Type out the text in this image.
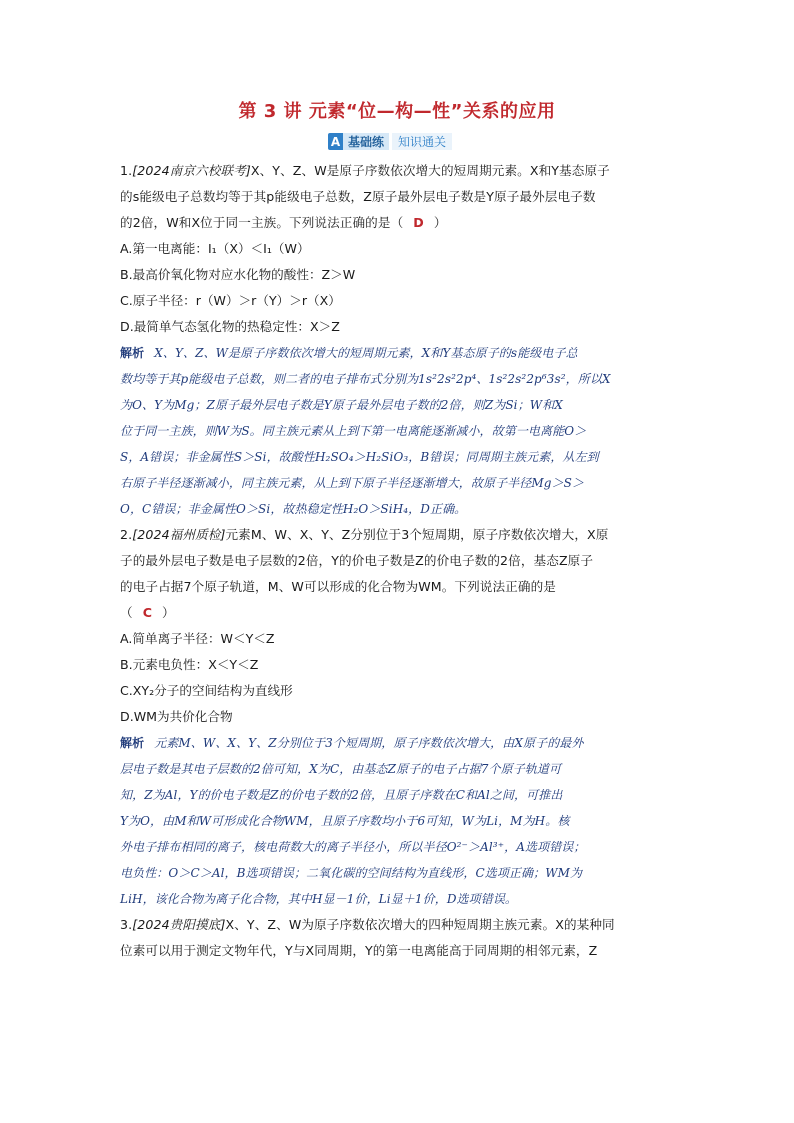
第 3 讲 元素“位—构—性”关系的应用
A 基础练	知识通关

1.[2024南京六校联考]X、Y、Z、W是原子序数依次增大的短周期元素。X和Y基态原子

的s能级电子总数均等于其p能级电子总数，Z原子最外层电子数是Y原子最外层电子数

的2倍，W和X位于同一主族。下列说法正确的是（ D ）

A.第一电离能：I₁（X）＜I₁（W）

B.最高价氧化物对应水化物的酸性：Z＞W

C.原子半径：r（W）＞r（Y）＞r（X）

D.最简单气态氢化物的热稳定性：X＞Z

解析 X、Y、Z、W是原子序数依次增大的短周期元素，X和Y基态原子的s能级电子总

数均等于其p能级电子总数，则二者的电子排布式分别为1s²2s²2p⁴、1s²2s²2p⁶3s²，所以X

为O、Y为Mg；Z原子最外层电子数是Y原子最外层电子数的2倍，则Z为Si；W和X

位于同一主族，则W为S。同主族元素从上到下第一电离能逐渐减小，故第一电离能O＞

S，A错误；非金属性S＞Si，故酸性H₂SO₄＞H₂SiO₃，B错误；同周期主族元素，从左到

右原子半径逐渐减小，同主族元素，从上到下原子半径逐渐增大，故原子半径Mg＞S＞

O，C错误；非金属性O＞Si，故热稳定性H₂O＞SiH₄，D正确。

2.[2024福州质检]元素M、W、X、Y、Z分别位于3个短周期，原子序数依次增大，X原

子的最外层电子数是电子层数的2倍，Y的价电子数是Z的价电子数的2倍，基态Z原子

的电子占据7个原子轨道，M、W可以形成的化合物为WM。下列说法正确的是

（ C ）

A.简单离子半径：W＜Y＜Z

B.元素电负性：X＜Y＜Z

C.XY₂分子的空间结构为直线形

D.WM为共价化合物

解析 元素M、W、X、Y、Z分别位于3个短周期，原子序数依次增大，由X原子的最外

层电子数是其电子层数的2倍可知，X为C，由基态Z原子的电子占据7个原子轨道可

知，Z为Al，Y的价电子数是Z的价电子数的2倍，且原子序数在C和Al之间，可推出

Y为O，由M和W可形成化合物WM，且原子序数均小于6可知，W为Li，M为H。核

外电子排布相同的离子，核电荷数大的离子半径小，所以半径O²⁻＞Al³⁺，A选项错误；

电负性：O＞C＞Al，B选项错误；二氧化碳的空间结构为直线形，C选项正确；WM为

LiH，该化合物为离子化合物，其中H显－1价，Li显＋1价，D选项错误。

3.[2024贵阳摸底]X、Y、Z、W为原子序数依次增大的四种短周期主族元素。X的某种同

位素可以用于测定文物年代，Y与X同周期，Y的第一电离能高于同周期的相邻元素，Z
